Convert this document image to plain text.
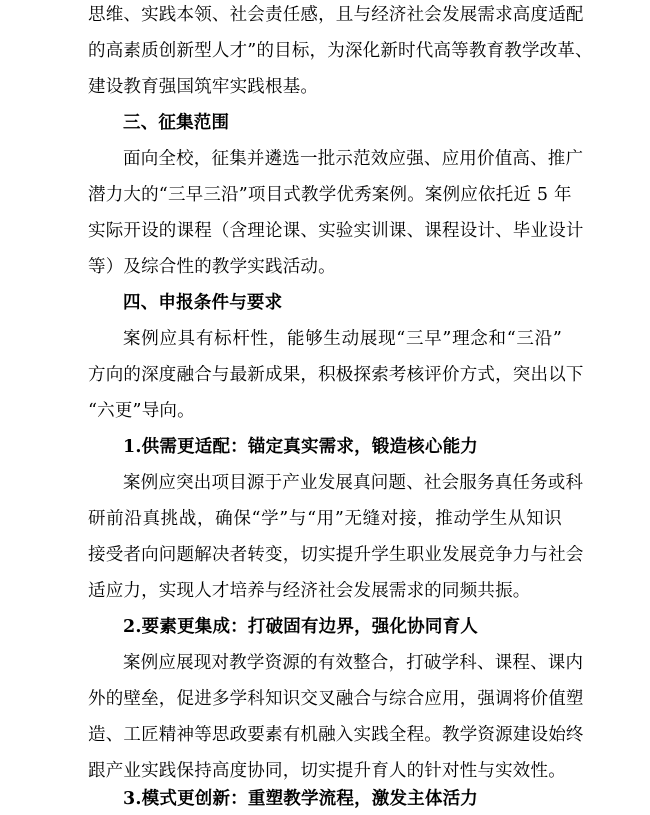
思维、实践本领、社会责任感，且与经济社会发展需求高度适配
的高素质创新型人才”的目标，为深化新时代高等教育教学改革、
建设教育强国筑牢实践根基。
三、征集范围
面向全校，征集并遴选一批示范效应强、应用价值高、推广
潜力大的“三早三沿”项目式教学优秀案例。案例应依托近 5 年
实际开设的课程（含理论课、实验实训课、课程设计、毕业设计
等）及综合性的教学实践活动。
四、申报条件与要求
案例应具有标杆性，能够生动展现“三早”理念和“三沿”
方向的深度融合与最新成果，积极探索考核评价方式，突出以下
“六更”导向。
1.供需更适配：锚定真实需求，锻造核心能力
案例应突出项目源于产业发展真问题、社会服务真任务或科
研前沿真挑战，确保“学”与“用”无缝对接，推动学生从知识
接受者向问题解决者转变，切实提升学生职业发展竞争力与社会
适应力，实现人才培养与经济社会发展需求的同频共振。
2.要素更集成：打破固有边界，强化协同育人
案例应展现对教学资源的有效整合，打破学科、课程、课内
外的壁垒，促进多学科知识交叉融合与综合应用，强调将价值塑
造、工匠精神等思政要素有机融入实践全程。教学资源建设始终
跟产业实践保持高度协同，切实提升育人的针对性与实效性。
3.模式更创新：重塑教学流程，激发主体活力
